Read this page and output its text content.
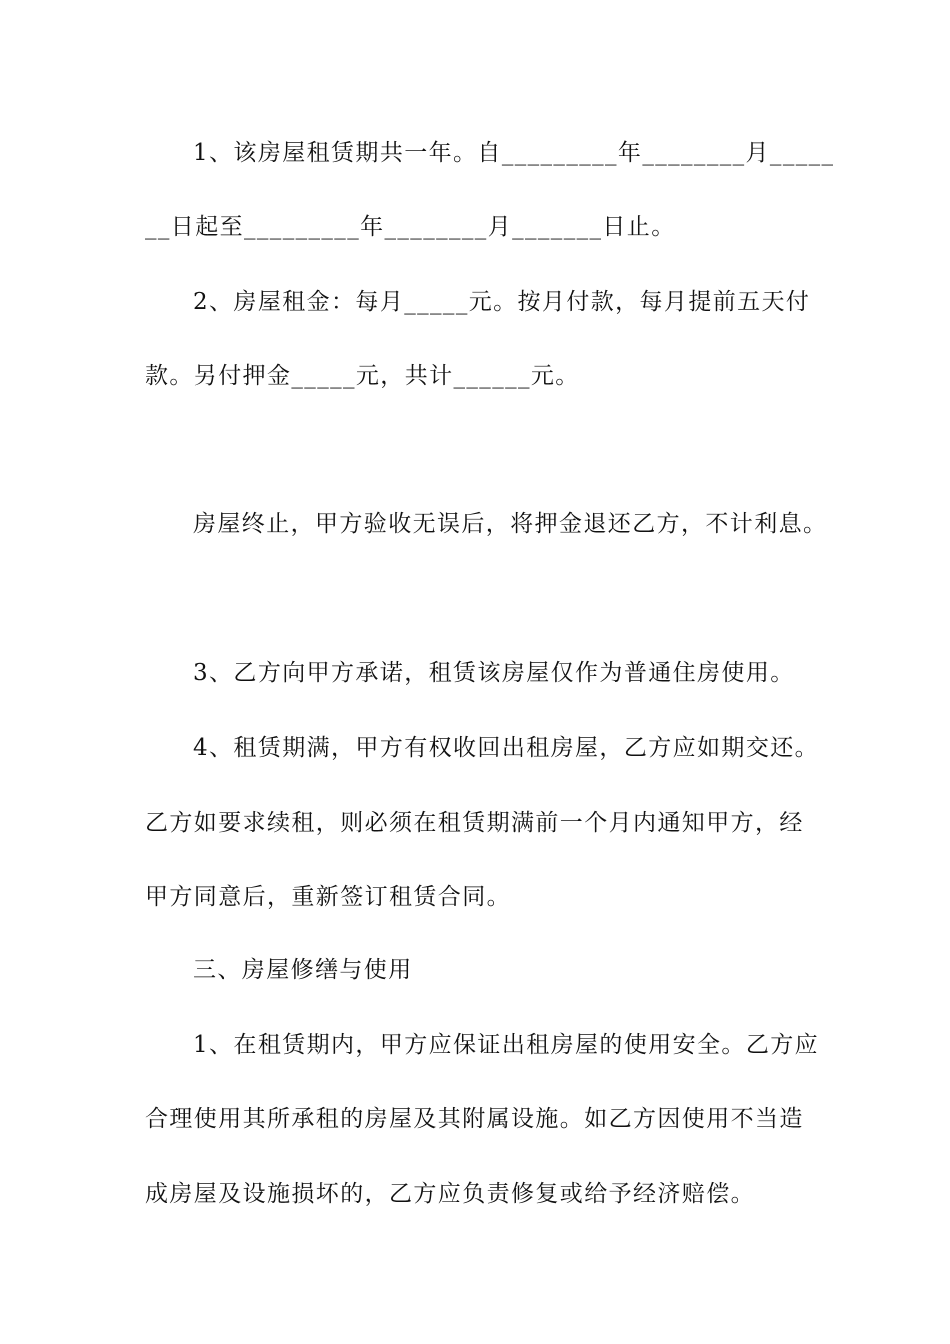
1、该房屋租赁期共一年。自_________年________月_____
__日起至_________年________月_______日止。
2、房屋租金：每月_____元。按月付款，每月提前五天付
款。另付押金_____元，共计______元。
房屋终止，甲方验收无误后，将押金退还乙方，不计利息。
3、乙方向甲方承诺，租赁该房屋仅作为普通住房使用。
4、租赁期满，甲方有权收回出租房屋，乙方应如期交还。
乙方如要求续租，则必须在租赁期满前一个月内通知甲方，经
甲方同意后，重新签订租赁合同。
三、房屋修缮与使用
1、在租赁期内，甲方应保证出租房屋的使用安全。乙方应
合理使用其所承租的房屋及其附属设施。如乙方因使用不当造
成房屋及设施损坏的，乙方应负责修复或给予经济赔偿。
